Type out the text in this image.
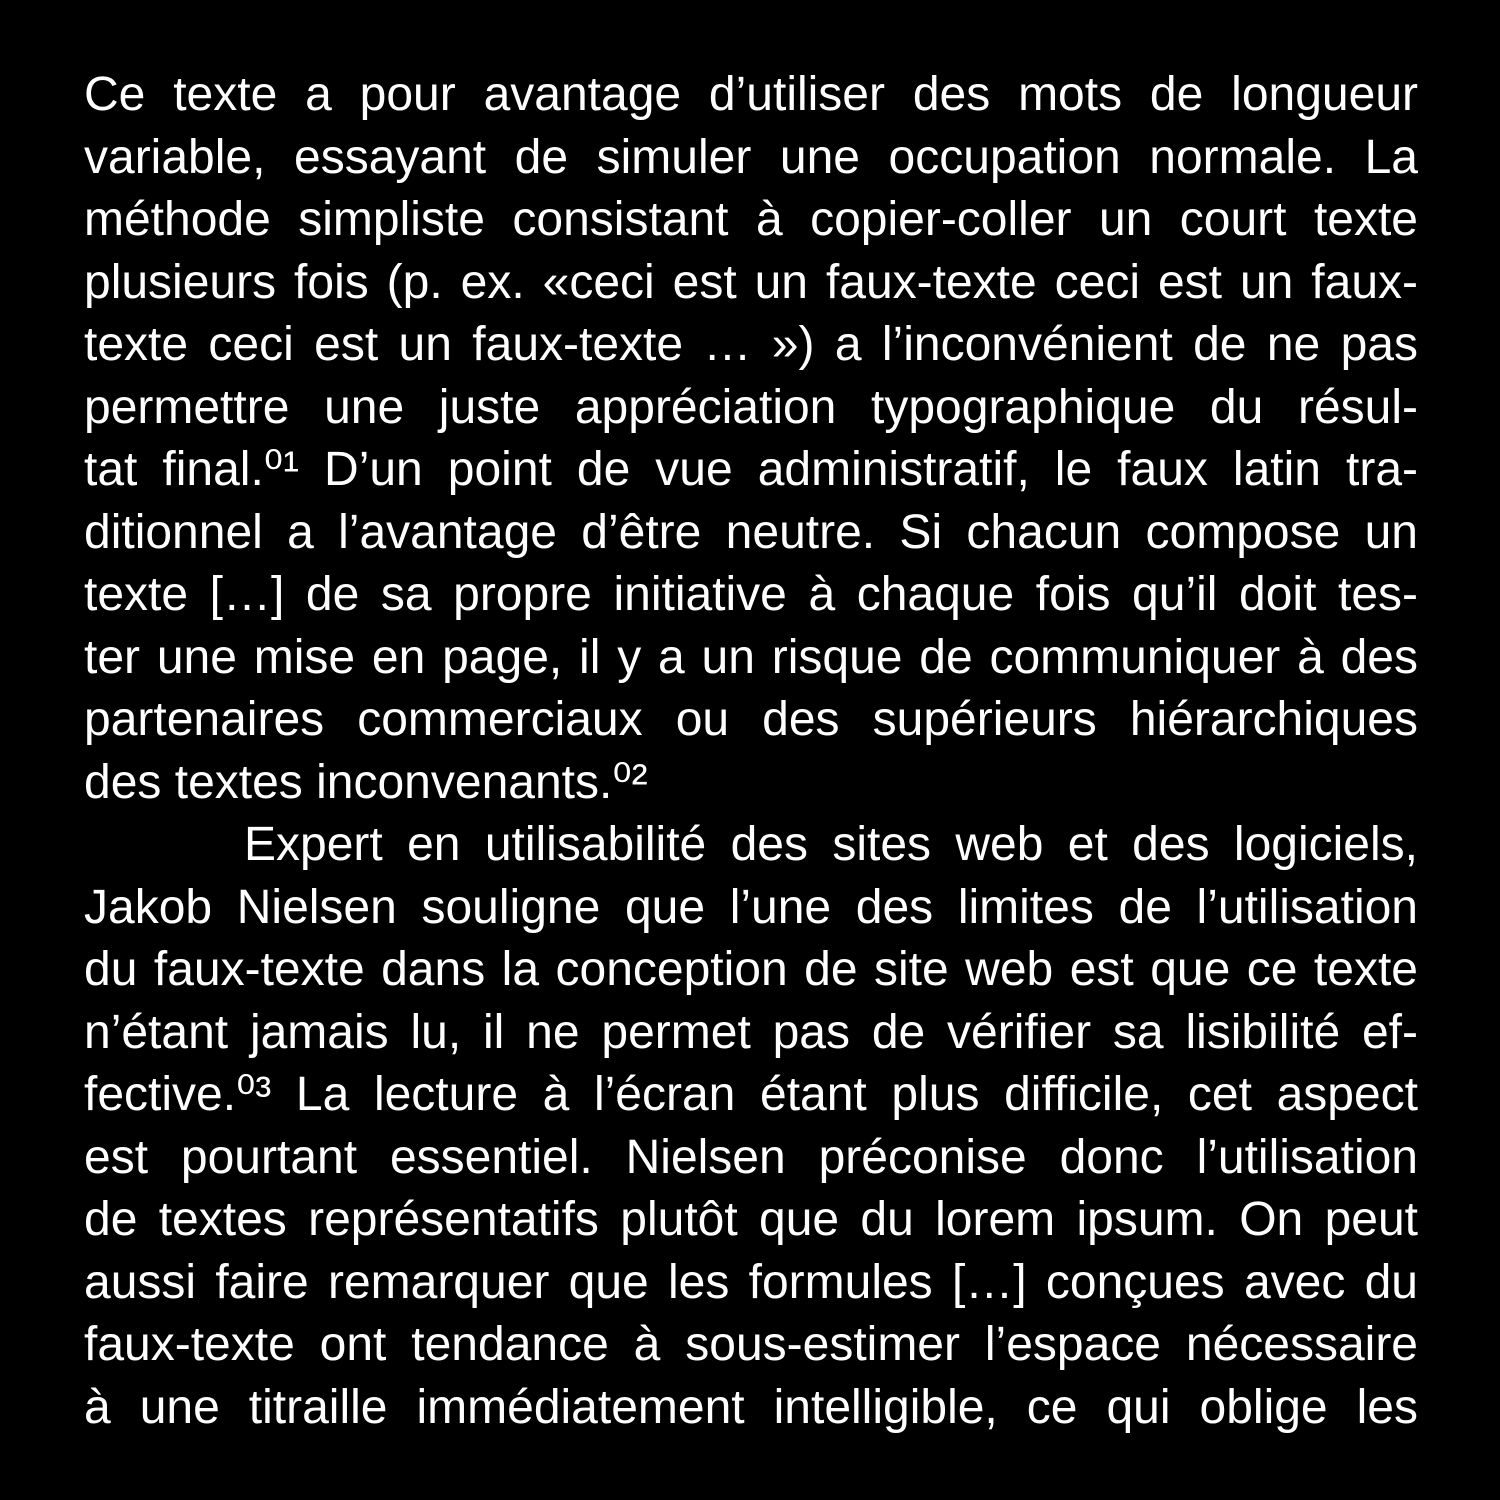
Ce texte a pour avantage d’utiliser des mots de longueur
variable, essayant de simuler une occupation normale. La
méthode simpliste consistant à copier-coller un court texte
plusieurs fois (p. ex. «ceci est un faux-texte ceci est un faux-
texte ceci est un faux-texte … ») a l’inconvénient de ne pas
permettre une juste appréciation typographique du résul-
tat final.⁰¹ D’un point de vue administratif, le faux latin tra-
ditionnel a l’avantage d’être neutre. Si chacun compose un
texte […] de sa propre initiative à chaque fois qu’il doit tes-
ter une mise en page, il y a un risque de communiquer à des
partenaires commerciaux ou des supérieurs hiérarchiques
des textes inconvenants.⁰²
Expert en utilisabilité des sites web et des logiciels,
Jakob Nielsen souligne que l’une des limites de l’utilisation
du faux-texte dans la conception de site web est que ce texte
n’étant jamais lu, il ne permet pas de vérifier sa lisibilité ef-
fective.⁰³ La lecture à l’écran étant plus difficile, cet aspect
est pourtant essentiel. Nielsen préconise donc l’utilisation
de textes représentatifs plutôt que du lorem ipsum. On peut
aussi faire remarquer que les formules […] conçues avec du
faux-texte ont tendance à sous-estimer l’espace nécessaire
à une titraille immédiatement intelligible, ce qui oblige les
